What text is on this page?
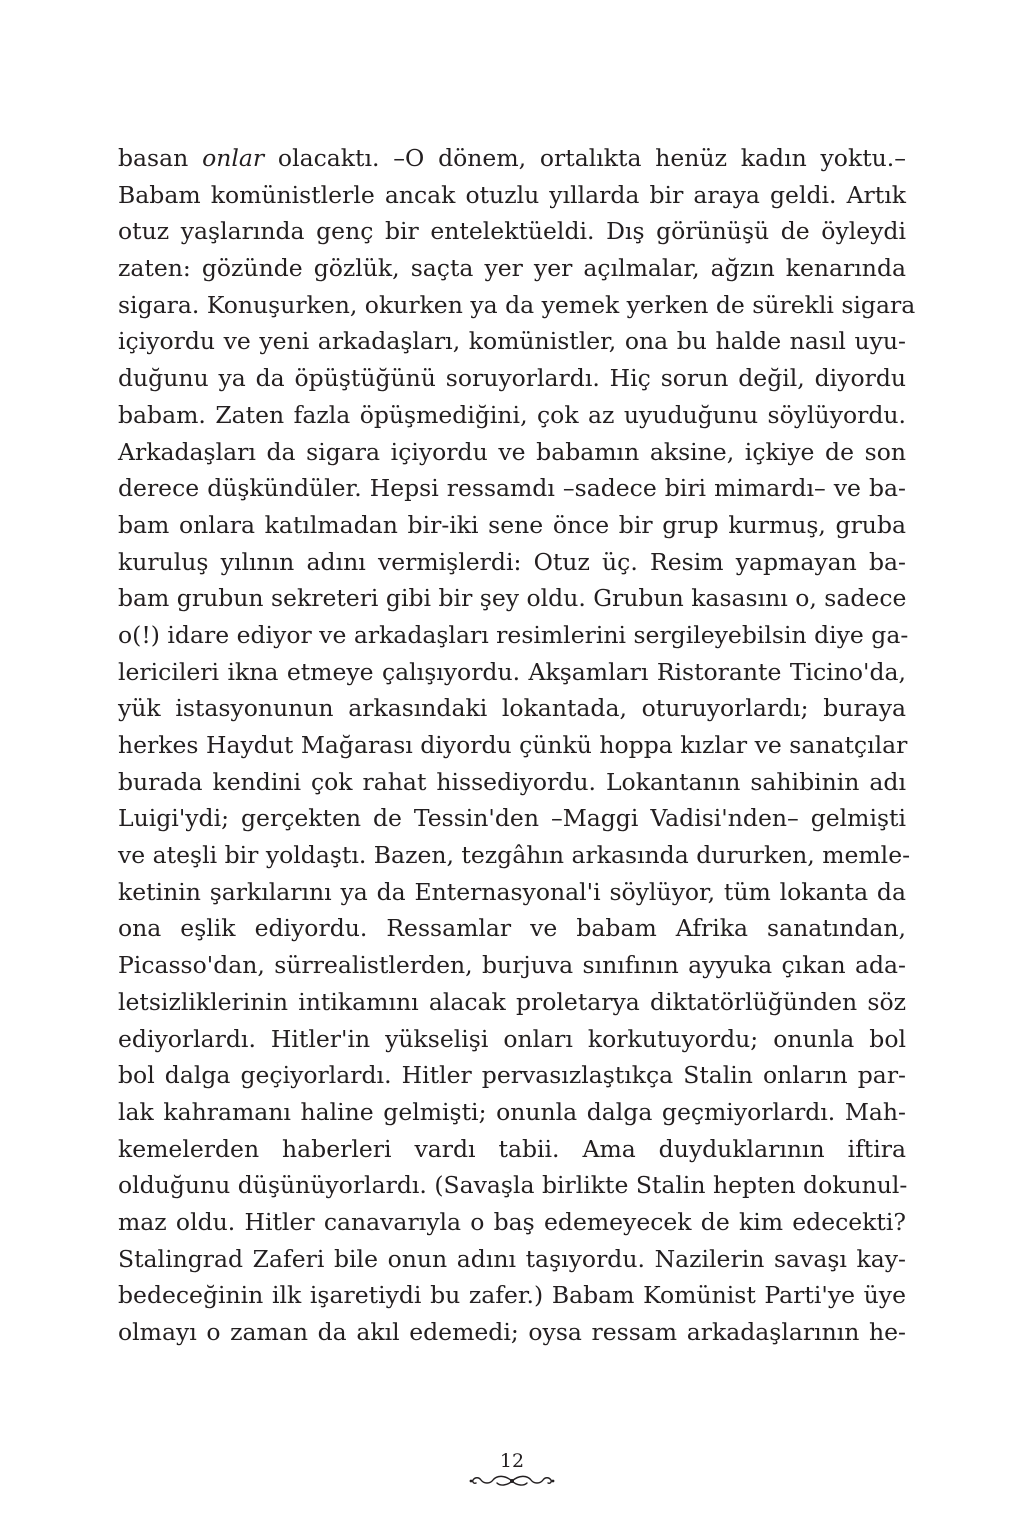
basan onlar olacaktı. –O dönem, ortalıkta henüz kadın yoktu.–
Babam komünistlerle ancak otuzlu yıllarda bir araya geldi. Artık
otuz yaşlarında genç bir entelektüeldi. Dış görünüşü de öyleydi
zaten: gözünde gözlük, saçta yer yer açılmalar, ağzın kenarında
sigara. Konuşurken, okurken ya da yemek yerken de sürekli sigara
içiyordu ve yeni arkadaşları, komünistler, ona bu halde nasıl uyu-
duğunu ya da öpüştüğünü soruyorlardı. Hiç sorun değil, diyordu
babam. Zaten fazla öpüşmediğini, çok az uyuduğunu söylüyordu.
Arkadaşları da sigara içiyordu ve babamın aksine, içkiye de son
derece düşkündüler. Hepsi ressamdı –sadece biri mimardı– ve ba-
bam onlara katılmadan bir-iki sene önce bir grup kurmuş, gruba
kuruluş yılının adını vermişlerdi: Otuz üç. Resim yapmayan ba-
bam grubun sekreteri gibi bir şey oldu. Grubun kasasını o, sadece
o(!) idare ediyor ve arkadaşları resimlerini sergileyebilsin diye ga-
lericileri ikna etmeye çalışıyordu. Akşamları Ristorante Ticino'da,
yük istasyonunun arkasındaki lokantada, oturuyorlardı; buraya
herkes Haydut Mağarası diyordu çünkü hoppa kızlar ve sanatçılar
burada kendini çok rahat hissediyordu. Lokantanın sahibinin adı
Luigi'ydi; gerçekten de Tessin'den –Maggi Vadisi'nden– gelmişti
ve ateşli bir yoldaştı. Bazen, tezgâhın arkasında dururken, memle-
ketinin şarkılarını ya da Enternasyonal'i söylüyor, tüm lokanta da
ona eşlik ediyordu. Ressamlar ve babam Afrika sanatından,
Picasso'dan, sürrealistlerden, burjuva sınıfının ayyuka çıkan ada-
letsizliklerinin intikamını alacak proletarya diktatörlüğünden söz
ediyorlardı. Hitler'in yükselişi onları korkutuyordu; onunla bol
bol dalga geçiyorlardı. Hitler pervasızlaştıkça Stalin onların par-
lak kahramanı haline gelmişti; onunla dalga geçmiyorlardı. Mah-
kemelerden haberleri vardı tabii. Ama duyduklarının iftira
olduğunu düşünüyorlardı. (Savaşla birlikte Stalin hepten dokunul-
maz oldu. Hitler canavarıyla o baş edemeyecek de kim edecekti?
Stalingrad Zaferi bile onun adını taşıyordu. Nazilerin savaşı kay-
bedeceğinin ilk işaretiydi bu zafer.) Babam Komünist Parti'ye üye
olmayı o zaman da akıl edemedi; oysa ressam arkadaşlarının he-
12
